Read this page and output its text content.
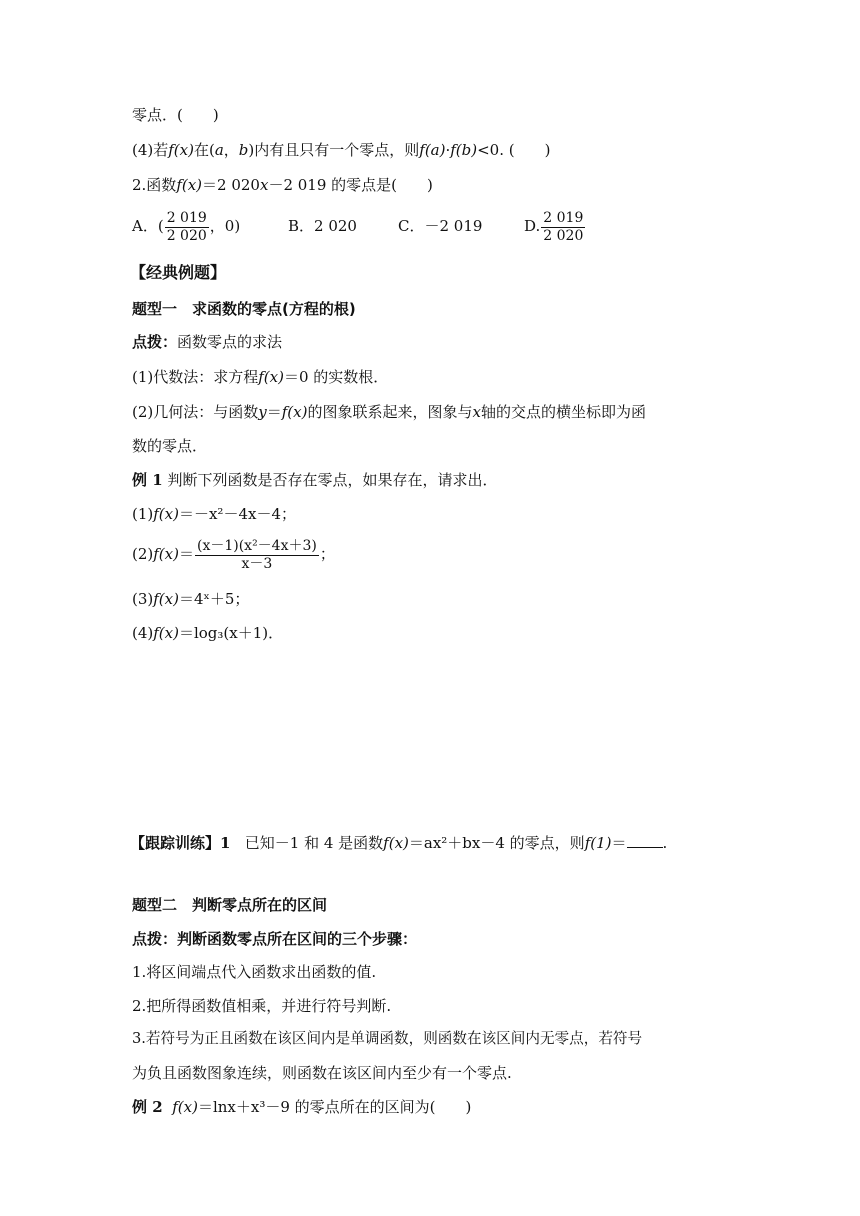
零点．(　　)
(4)若f(x)在(a，b)内有且只有一个零点，则f(a)·f(b)<0. (　　)
2.函数f(x)＝2 020x－2 019 的零点是(　　)
A．( $\frac{2 019}{2 020}$ ，0)	B．2 020	C．－2 019	D. $\frac{2 019}{2 020}$
【经典例题】
题型一　求函数的零点(方程的根)
点拨：函数零点的求法
(1)代数法：求方程f(x)＝0 的实数根．
(2)几何法：与函数y＝f(x)的图象联系起来，图象与x轴的交点的横坐标即为函
数的零点．
例 1 判断下列函数是否存在零点，如果存在，请求出．
(1)f(x)＝－x²－4x－4；
$(2)f(x)= \frac{\text{(x－1)(x²－4x＋3)}}{x-3}$ ；
(3)f(x)＝4ˣ＋5；
(4)f(x)＝log₃(x＋1)．
【跟踪训练】1 已知－1 和 4 是函数f(x)＝ax²＋bx－4 的零点，则f(1)＝ .
题型二　判断零点所在的区间
点拨：判断函数零点所在区间的三个步骤：
1.将区间端点代入函数求出函数的值.
2.把所得函数值相乘，并进行符号判断.
3.若符号为正且函数在该区间内是单调函数，则函数在该区间内无零点，若符号
为负且函数图象连续，则函数在该区间内至少有一个零点.
例 2 f(x)＝lnx＋x³－9 的零点所在的区间为(　　)
